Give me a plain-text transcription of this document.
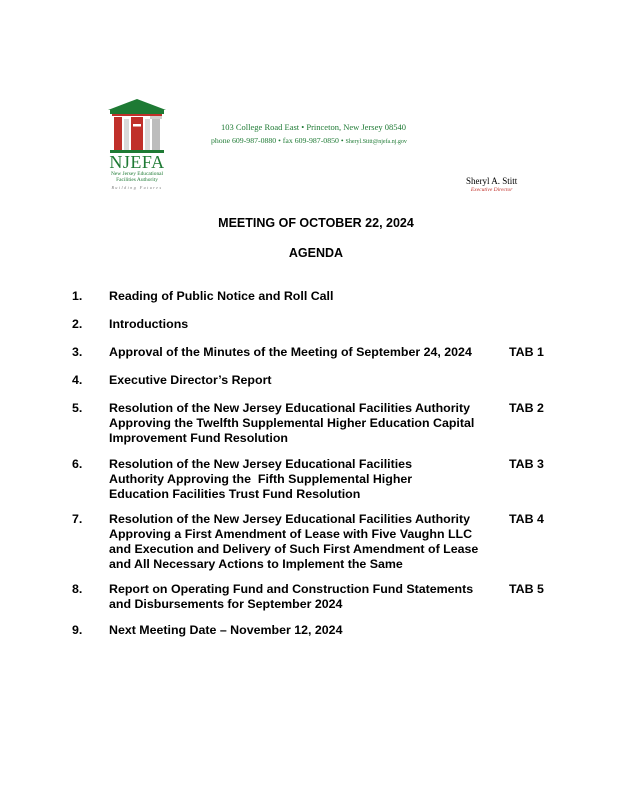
NJEFA
New Jersey Educational
Facilities Authority
Building Futures
103 College Road East • Princeton, New Jersey 08540
phone 609-987-0880 • fax 609-987-0850 • Sheryl.Stitt@njefa.nj.gov
Sheryl A. Stitt
Executive Director
MEETING OF OCTOBER 22, 2024
AGENDA
1. Reading of Public Notice and Roll Call
2. Introductions
3. Approval of the Minutes of the Meeting of September 24, 2024	TAB 1
4. Executive Director’s Report
5. Resolution of the New Jersey Educational Facilities Authority
Approving the Twelfth Supplemental Higher Education Capital
Improvement Fund Resolution
TAB 2
6. Resolution of the New Jersey Educational Facilities
Authority Approving the  Fifth Supplemental Higher
Education Facilities Trust Fund Resolution
TAB 3
7. Resolution of the New Jersey Educational Facilities Authority
Approving a First Amendment of Lease with Five Vaughn LLC
and Execution and Delivery of Such First Amendment of Lease
and All Necessary Actions to Implement the Same
TAB 4
8. Report on Operating Fund and Construction Fund Statements
and Disbursements for September 2024
TAB 5
9. Next Meeting Date – November 12, 2024
